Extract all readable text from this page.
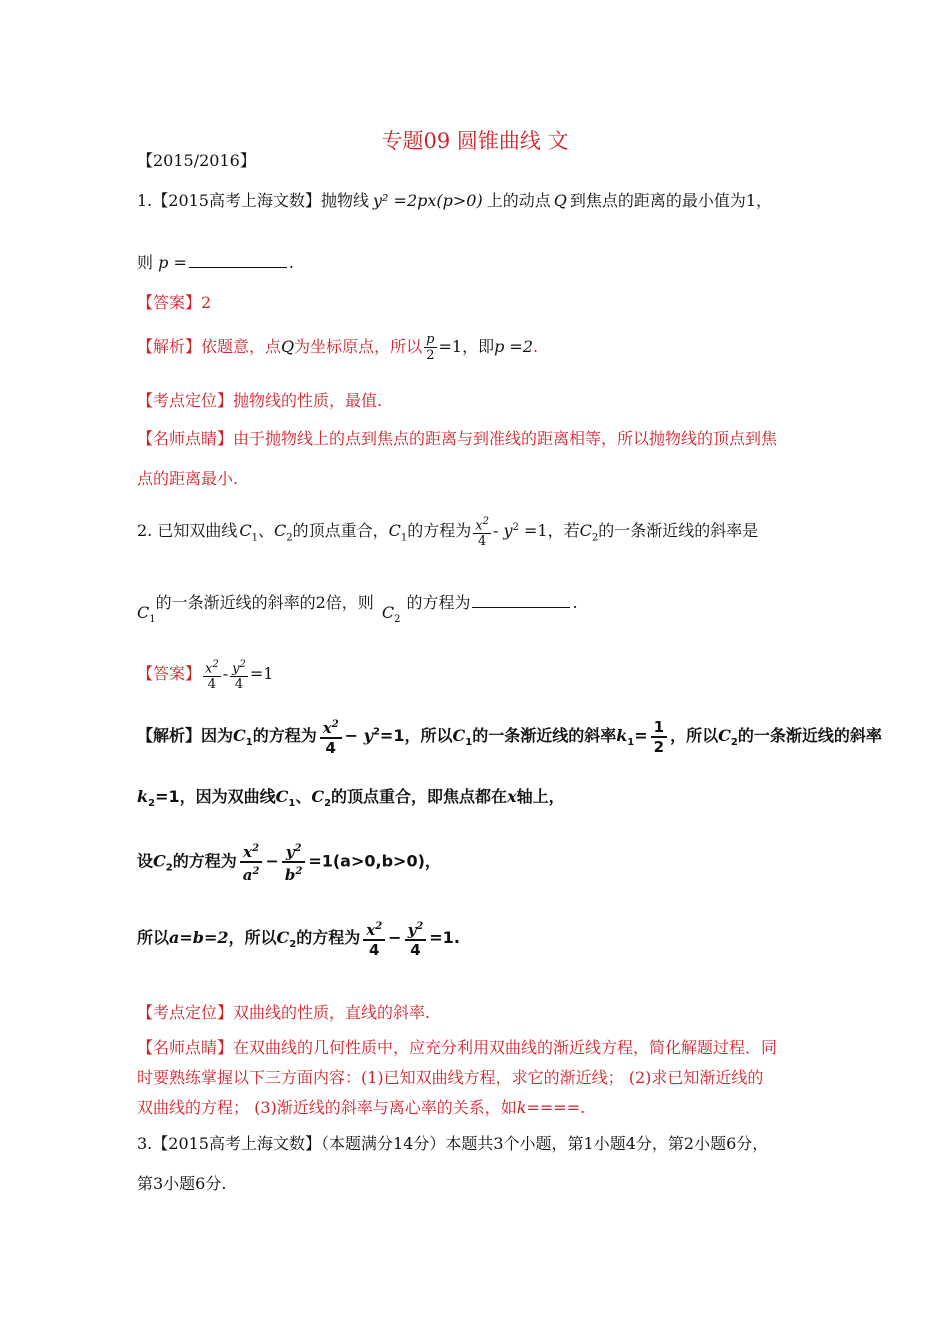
专题09 圆锥曲线 文
【2015/2016】
1.【2015高考上海文数】抛物线 y² =2px(p>0) 上的动点 Q 到焦点的距离的最小值为1，
则 p =	.
【答案】2
【解析】依题意，点Q为坐标原点，所以 $\frac{p}{2} =1$，即p =2.
【考点定位】抛物线的性质，最值.
【名师点睛】由于抛物线上的点到焦点的距离与到准线的距离相等，所以抛物线的顶点到焦
点的距离最小.
2. 已知双曲线 $C_1$、$C_2$的顶点重合，$C_1$的方程为 $\frac{x^2}{4} - y^2 =1$，若$C_2$的一条渐近线的斜率是
$C_1$的一条渐近线的斜率的2倍，则$C_2$的方程为	.
【答案】 $\frac{x^2}{4} - \frac{y^2}{4} =1$
【解析】因为$C_1$的方程为 $\frac{x^2}{4} - y^2=1$，所以$C_1$的一条渐近线的斜率$k_1= \frac{1}{2}$ ，所以$C_2$的一条渐近线的斜率
$k_2=1$，因为双曲线$C_1$、$C_2$的顶点重合，即焦点都在x轴上，
设$C_2$的方程为 $\frac{x^2}{a^2} - \frac{y^2}{b^2} =1(a>0,b>0)$，
所以a=b=2，所以$C_2$的方程为 $\frac{x^2}{4} - \frac{y^2}{4} =1$.
【考点定位】双曲线的性质，直线的斜率.
【名师点睛】在双曲线的几何性质中，应充分利用双曲线的渐近线方程，简化解题过程．同
时要熟练掌握以下三方面内容：(1)已知双曲线方程，求它的渐近线； (2)求已知渐近线的
双曲线的方程； (3)渐近线的斜率与离心率的关系，如k====.
3.【2015高考上海文数】（本题满分14分）本题共3个小题，第1小题4分，第2小题6分，
第3小题6分.
